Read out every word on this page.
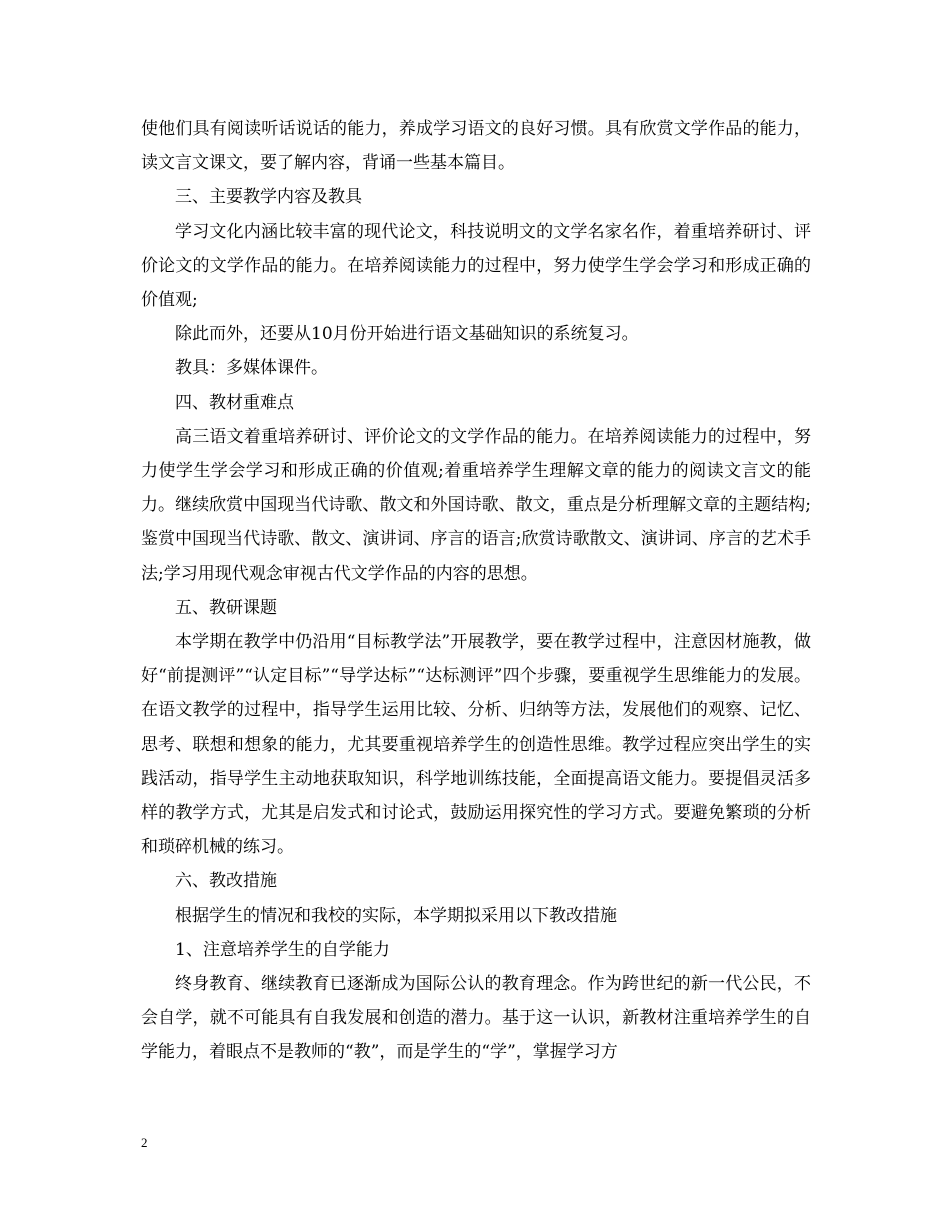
使他们具有阅读听话说话的能力，养成学习语文的良好习惯。具有欣赏文学作品的能力，读文言文课文，要了解内容，背诵一些基本篇目。

三、主要教学内容及教具

学习文化内涵比较丰富的现代论文，科技说明文的文学名家名作，着重培养研讨、评价论文的文学作品的能力。在培养阅读能力的过程中，努力使学生学会学习和形成正确的价值观;

除此而外，还要从10月份开始进行语文基础知识的系统复习。

教具：多媒体课件。

四、教材重难点

高三语文着重培养研讨、评价论文的文学作品的能力。在培养阅读能力的过程中，努力使学生学会学习和形成正确的价值观;着重培养学生理解文章的能力的阅读文言文的能力。继续欣赏中国现当代诗歌、散文和外国诗歌、散文，重点是分析理解文章的主题结构;鉴赏中国现当代诗歌、散文、演讲词、序言的语言;欣赏诗歌散文、演讲词、序言的艺术手法;学习用现代观念审视古代文学作品的内容的思想。

五、教研课题

本学期在教学中仍沿用“目标教学法”开展教学，要在教学过程中，注意因材施教，做好“前提测评”“认定目标”“导学达标”“达标测评”四个步骤，要重视学生思维能力的发展。在语文教学的过程中，指导学生运用比较、分析、归纳等方法，发展他们的观察、记忆、思考、联想和想象的能力，尤其要重视培养学生的创造性思维。教学过程应突出学生的实践活动，指导学生主动地获取知识，科学地训练技能，全面提高语文能力。要提倡灵活多样的教学方式，尤其是启发式和讨论式，鼓励运用探究性的学习方式。要避免繁琐的分析和琐碎机械的练习。

六、教改措施

根据学生的情况和我校的实际，本学期拟采用以下教改措施

1、注意培养学生的自学能力

终身教育、继续教育已逐渐成为国际公认的教育理念。作为跨世纪的新一代公民，不会自学，就不可能具有自我发展和创造的潜力。基于这一认识，新教材注重培养学生的自学能力，着眼点不是教师的“教”，而是学生的“学”，掌握学习方

2
